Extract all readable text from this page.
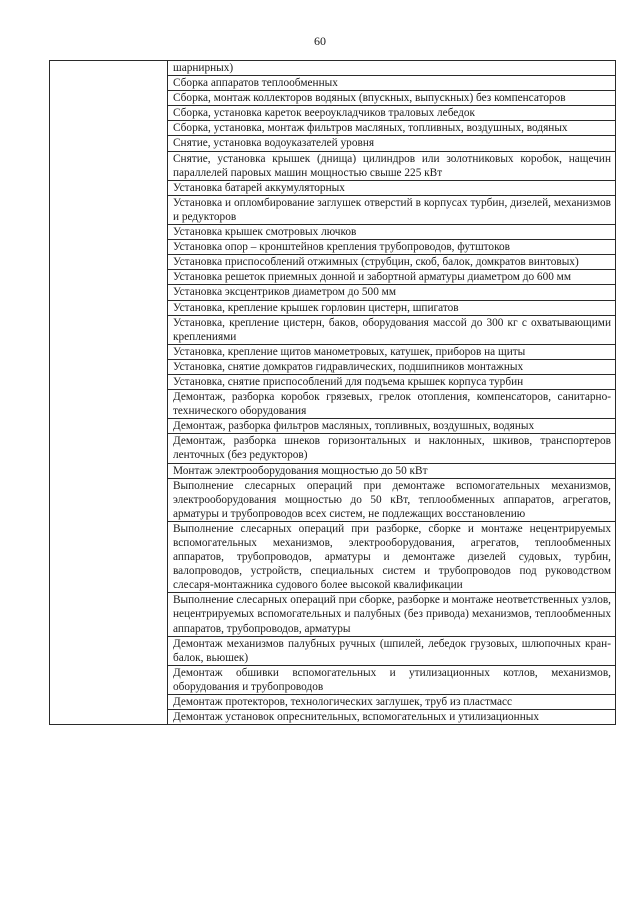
60
	шарнирных)
Сборка аппаратов теплообменных
Сборка, монтаж коллекторов водяных (впускных, выпускных) без компенсаторов
Сборка, установка кареток веероукладчиков траловых лебедок
Сборка, установка, монтаж фильтров масляных, топливных, воздушных, водяных
Снятие, установка водоуказателей уровня
Снятие, установка крышек (днища) цилиндров или золотниковых коробок, нащечин параллелей паровых машин мощностью свыше 225 кВт
Установка батарей аккумуляторных
Установка и опломбирование заглушек отверстий в корпусах турбин, дизелей, механизмов и редукторов
Установка крышек смотровых лючков
Установка опор – кронштейнов крепления трубопроводов, футштоков
Установка приспособлений отжимных (струбцин, скоб, балок, домкратов винтовых)
Установка решеток приемных донной и забортной арматуры диаметром до 600 мм
Установка эксцентриков диаметром до 500 мм
Установка, крепление крышек горловин цистерн, шпигатов
Установка, крепление цистерн, баков, оборудования массой до 300 кг с охватывающими креплениями
Установка, крепление щитов манометровых, катушек, приборов на щиты
Установка, снятие домкратов гидравлических, подшипников монтажных
Установка, снятие приспособлений для подъема крышек корпуса турбин
Демонтаж, разборка коробок грязевых, грелок отопления, компенсаторов, санитарно-технического оборудования
Демонтаж, разборка фильтров масляных, топливных, воздушных, водяных
Демонтаж, разборка шнеков горизонтальных и наклонных, шкивов, транспортеров ленточных (без редукторов)
Монтаж электрооборудования мощностью до 50 кВт
Выполнение слесарных операций при демонтаже вспомогательных механизмов, электрооборудования мощностью до 50 кВт, теплообменных аппаратов, агрегатов, арматуры и трубопроводов всех систем, не подлежащих восстановлению
Выполнение слесарных операций при разборке, сборке и монтаже нецентрируемых вспомогательных механизмов, электрооборудования, агрегатов, теплообменных аппаратов, трубопроводов, арматуры и демонтаже дизелей судовых, турбин, валопроводов, устройств, специальных систем и трубопроводов под руководством слесаря-монтажника судового более высокой квалификации
Выполнение слесарных операций при сборке, разборке и монтаже неответственных узлов, нецентрируемых вспомогательных и палубных (без привода) механизмов, теплообменных аппаратов, трубопроводов, арматуры
Демонтаж механизмов палубных ручных (шпилей, лебедок грузовых, шлюпочных кран-балок, вьюшек)
Демонтаж обшивки вспомогательных и утилизационных котлов, механизмов, оборудования и трубопроводов
Демонтаж протекторов, технологических заглушек, труб из пластмасс
Демонтаж установок опреснительных, вспомогательных и утилизационных
